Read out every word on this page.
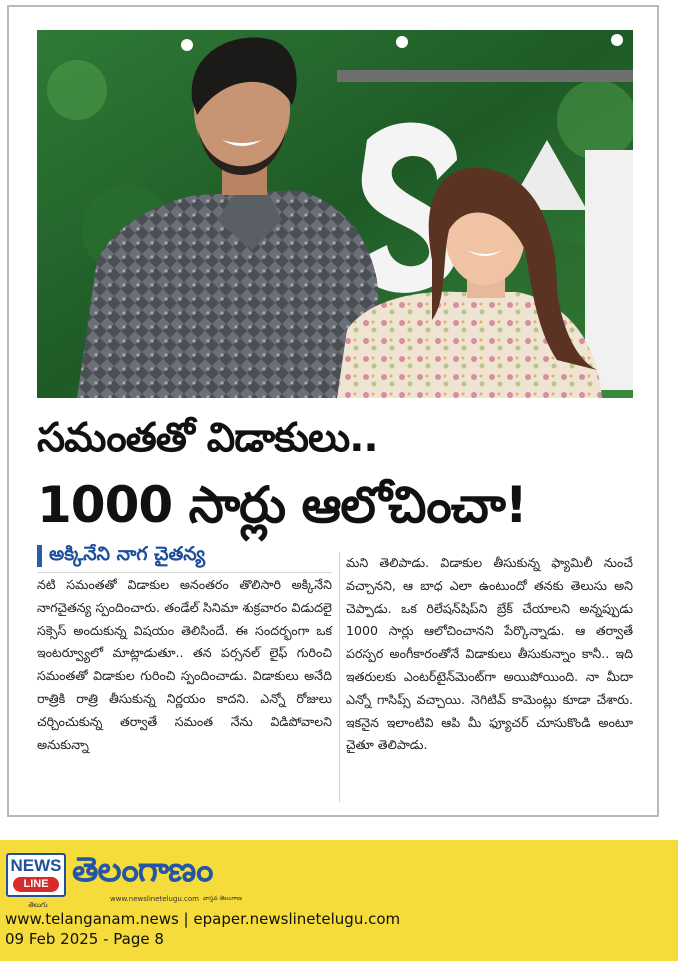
సమంతతో విడాకులు..
1000 సార్లు ఆలోచించా!
అక్కినేని నాగ చైతన్య
నటి సమంతతో విడాకుల అనంతరం తొలిసారి అక్కినేని నాగచైతన్య స్పందించారు. తండేల్ సినిమా శుక్రవారం విడుదలై సక్సెస్ అందుకున్న విషయం తెలిసిందే. ఈ సందర్భంగా ఒక ఇంటర్వ్యూలో మాట్లాడుతూ.. తన పర్సనల్ లైఫ్ గురించి సమంతతో విడాకుల గురించి స్పందించాడు. విడాకులు అనేది రాత్రికి రాత్రి తీసుకున్న నిర్ణయం కాదని. ఎన్నో రోజులు చర్చించుకున్న తర్వాతే సమంత నేను విడిపోవాలని అనుకున్నా
మని తెలిపాడు. విడాకుల తీసుకున్న ఫ్యామిలీ నుంచే వచ్చానని, ఆ బాధ ఎలా ఉంటుందో తనకు తెలుసు అని చెప్పాడు. ఒక రిలేషన్‌షిప్‌ని బ్రేక్ చేయాలని అన్నప్పుడు 1000 సార్లు ఆలోచించానని పేర్కొన్నాడు. ఆ తర్వాతే పరస్పర అంగీకారంతోనే విడాకులు తీసుకున్నాం కానీ.. ఇది ఇతరులకు ఎంటర్‌టైన్‌మెంట్‌గా అయిపోయింది. నా మీదా ఎన్నో గాసిప్స్ వచ్చాయి. నెగిటివ్ కామెంట్లు కూడా చేశారు. ఇకనైన ఇలాంటివి ఆపి మీ ఫ్యూచర్ చూసుకొండి అంటూ చైతూ తెలిపాడు.
NEWS
LINE
తెలుగు
తెలంగాణం
www.newslinetelugu.com వాస్తవ తెలంగాణ
www.telanganam.news | epaper.newslinetelugu.com
09 Feb 2025 - Page 8
